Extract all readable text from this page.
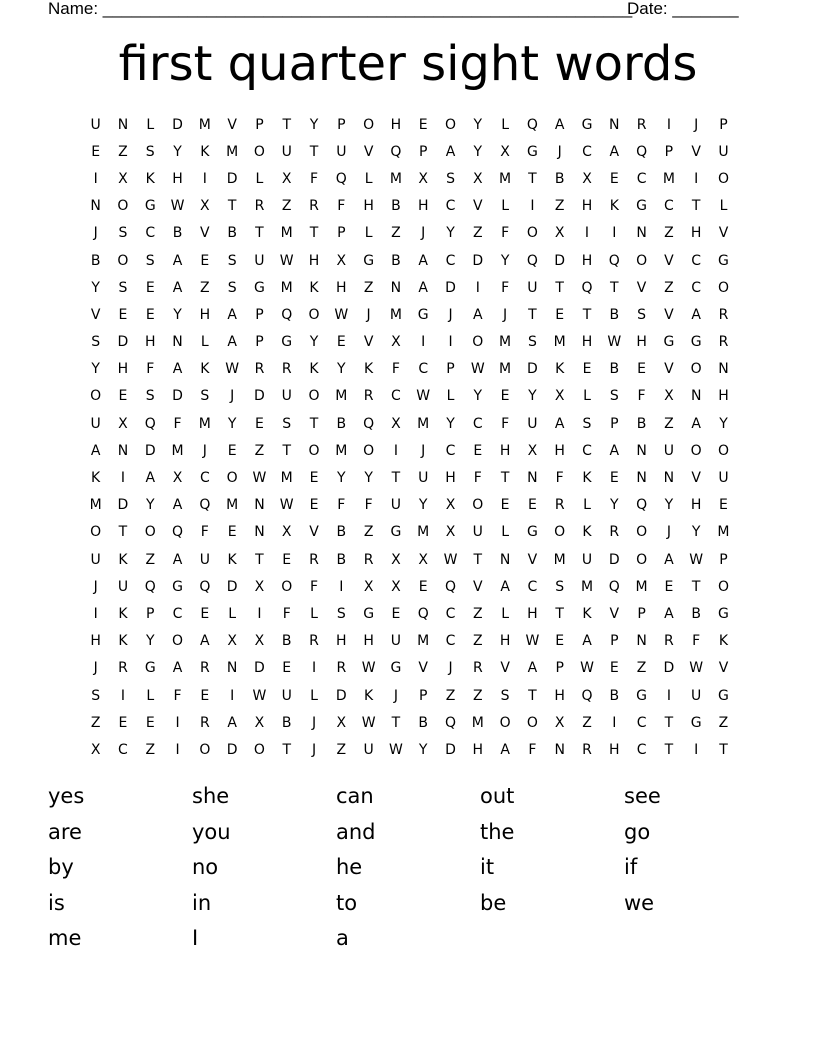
Name: ________________________________________________________
Date: _______
first quarter sight words
U	N	L	D	M	V	P	T	Y	P	O	H	E	O	Y	L	Q	A	G	N	R	I	J	P
E	Z	S	Y	K	M	O	U	T	U	V	Q	P	A	Y	X	G	J	C	A	Q	P	V	U
I	X	K	H	I	D	L	X	F	Q	L	M	X	S	X	M	T	B	X	E	C	M	I	O
N	O	G	W	X	T	R	Z	R	F	H	B	H	C	V	L	I	Z	H	K	G	C	T	L
J	S	C	B	V	B	T	M	T	P	L	Z	J	Y	Z	F	O	X	I	I	N	Z	H	V
B	O	S	A	E	S	U	W	H	X	G	B	A	C	D	Y	Q	D	H	Q	O	V	C	G
Y	S	E	A	Z	S	G	M	K	H	Z	N	A	D	I	F	U	T	Q	T	V	Z	C	O
V	E	E	Y	H	A	P	Q	O	W	J	M	G	J	A	J	T	E	T	B	S	V	A	R
S	D	H	N	L	A	P	G	Y	E	V	X	I	I	O	M	S	M	H	W	H	G	G	R
Y	H	F	A	K	W	R	R	K	Y	K	F	C	P	W	M	D	K	E	B	E	V	O	N
O	E	S	D	S	J	D	U	O	M	R	C	W	L	Y	E	Y	X	L	S	F	X	N	H
U	X	Q	F	M	Y	E	S	T	B	Q	X	M	Y	C	F	U	A	S	P	B	Z	A	Y
A	N	D	M	J	E	Z	T	O	M	O	I	J	C	E	H	X	H	C	A	N	U	O	O
K	I	A	X	C	O	W	M	E	Y	Y	T	U	H	F	T	N	F	K	E	N	N	V	U
M	D	Y	A	Q	M	N	W	E	F	F	U	Y	X	O	E	E	R	L	Y	Q	Y	H	E
O	T	O	Q	F	E	N	X	V	B	Z	G	M	X	U	L	G	O	K	R	O	J	Y	M
U	K	Z	A	U	K	T	E	R	B	R	X	X	W	T	N	V	M	U	D	O	A	W	P
J	U	Q	G	Q	D	X	O	F	I	X	X	E	Q	V	A	C	S	M	Q	M	E	T	O
I	K	P	C	E	L	I	F	L	S	G	E	Q	C	Z	L	H	T	K	V	P	A	B	G
H	K	Y	O	A	X	X	B	R	H	H	U	M	C	Z	H	W	E	A	P	N	R	F	K
J	R	G	A	R	N	D	E	I	R	W	G	V	J	R	V	A	P	W	E	Z	D	W	V
S	I	L	F	E	I	W	U	L	D	K	J	P	Z	Z	S	T	H	Q	B	G	I	U	G
Z	E	E	I	R	A	X	B	J	X	W	T	B	Q	M	O	O	X	Z	I	C	T	G	Z
X	C	Z	I	O	D	O	T	J	Z	U	W	Y	D	H	A	F	N	R	H	C	T	I	T
yes	she	can	out	see
are	you	and	the	go
by	no	he	it	if
is	in	to	be	we
me	I	a
